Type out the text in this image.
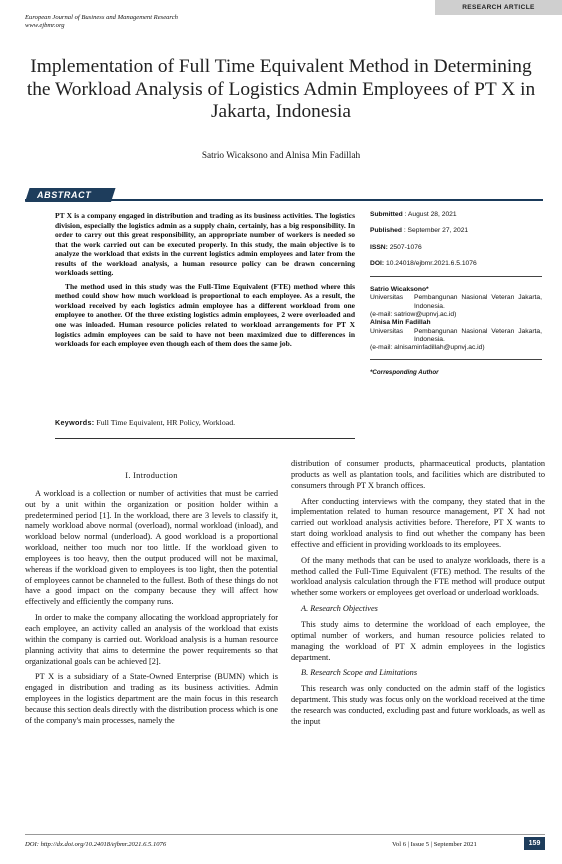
European Journal of Business and Management Research
www.ejbmr.org
RESEARCH ARTICLE
Implementation of Full Time Equivalent Method in Determining the Workload Analysis of Logistics Admin Employees of PT X in Jakarta, Indonesia
Satrio Wicaksono and Alnisa Min Fadillah
ABSTRACT

PT X is a company engaged in distribution and trading as its business activities. The logistics division, especially the logistics admin as a supply chain, certainly, has a big responsibility. In order to carry out this great responsibility, an appropriate number of workers is needed so that the work carried out can be executed properly. In this study, the main objective is to analyze the workload that exists in the current logistics admin employees and later from the results of the workload analysis, a human resource policy can be drawn concerning workloads setting.

The method used in this study was the Full-Time Equivalent (FTE) method where this method could show how much workload is proportional to each employee. As a result, the workload received by each logistics admin employee has a different workload from one employee to another. Of the three existing logistics admin employees, 2 were overloaded and one was inloaded. Human resource policies related to workload arrangements for PT X logistics admin employees can be said to have not been maximized due to differences in workloads for each employee even though each of them does the same job.

Keywords: Full Time Equivalent, HR Policy, Workload.
Submitted : August 28, 2021
Published : September 27, 2021
ISSN: 2507-1076
DOI: 10.24018/ejbmr.2021.6.5.1076
Satrio Wicaksono*
Universitas	Pembangunan Nasional Veteran Jakarta, Indonesia.
(e-mail: satriow@upnvj.ac.id)
Alnisa Min Fadillah
Universitas	Pembangunan Nasional Veteran Jakarta, Indonesia.
(e-mail: alnisaminfadillah@upnvj.ac.id)
*Corresponding Author
I. Introduction

A workload is a collection or number of activities that must be carried out by a unit within the organization or position holder within a predetermined period [1]. In the workload, there are 3 levels to classify it, namely workload above normal (overload), normal workload (inload), and workload below normal (underload). A good workload is a proportional workload, neither too much nor too little. If the workload given to employees is too heavy, then the output produced will not be maximal, whereas if the workload given to employees is too light, then the potential of employees cannot be channeled to the fullest. Both of these things do not have a good impact on the company because they will affect how effectively and efficiently the company runs.

In order to make the company allocating the workload appropriately for each employee, an activity called an analysis of the workload that exists within the company is carried out. Workload analysis is a human resource planning activity that aims to determine the power requirements so that organizational goals can be achieved [2].

PT X is a subsidiary of a State-Owned Enterprise (BUMN) which is engaged in distribution and trading as its business activities. Admin employees in the logistics department are the main focus in this research because this section deals directly with the distribution process which is one of the company's main processes, namely the

distribution of consumer products, pharmaceutical products, plantation products as well as plantation tools, and facilities which are distributed to consumers through PT X branch offices.

After conducting interviews with the company, they stated that in the implementation related to human resource management, PT X had not carried out workload analysis activities before. Therefore, PT X wants to start doing workload analysis to find out whether the company has been effective and efficient in providing workloads to its employees.

Of the many methods that can be used to analyze workloads, there is a method called the Full-Time Equivalent (FTE) method. The results of the workload analysis calculation through the FTE method will produce output whether some workers or employees get overload or underload workloads.

A. Research Objectives

This study aims to determine the workload of each employee, the optimal number of workers, and human resource policies related to managing the workload of PT X admin employees in the logistics department.

B. Research Scope and Limitations

This research was only conducted on the admin staff of the logistics department. This study was focus only on the workload received at the time the research was conducted, excluding past and future workloads, as well as the input

DOI: http://dx.doi.org/10.24018/ejbmr.2021.6.5.1076	Vol 6 | Issue 5 | September 2021	159
